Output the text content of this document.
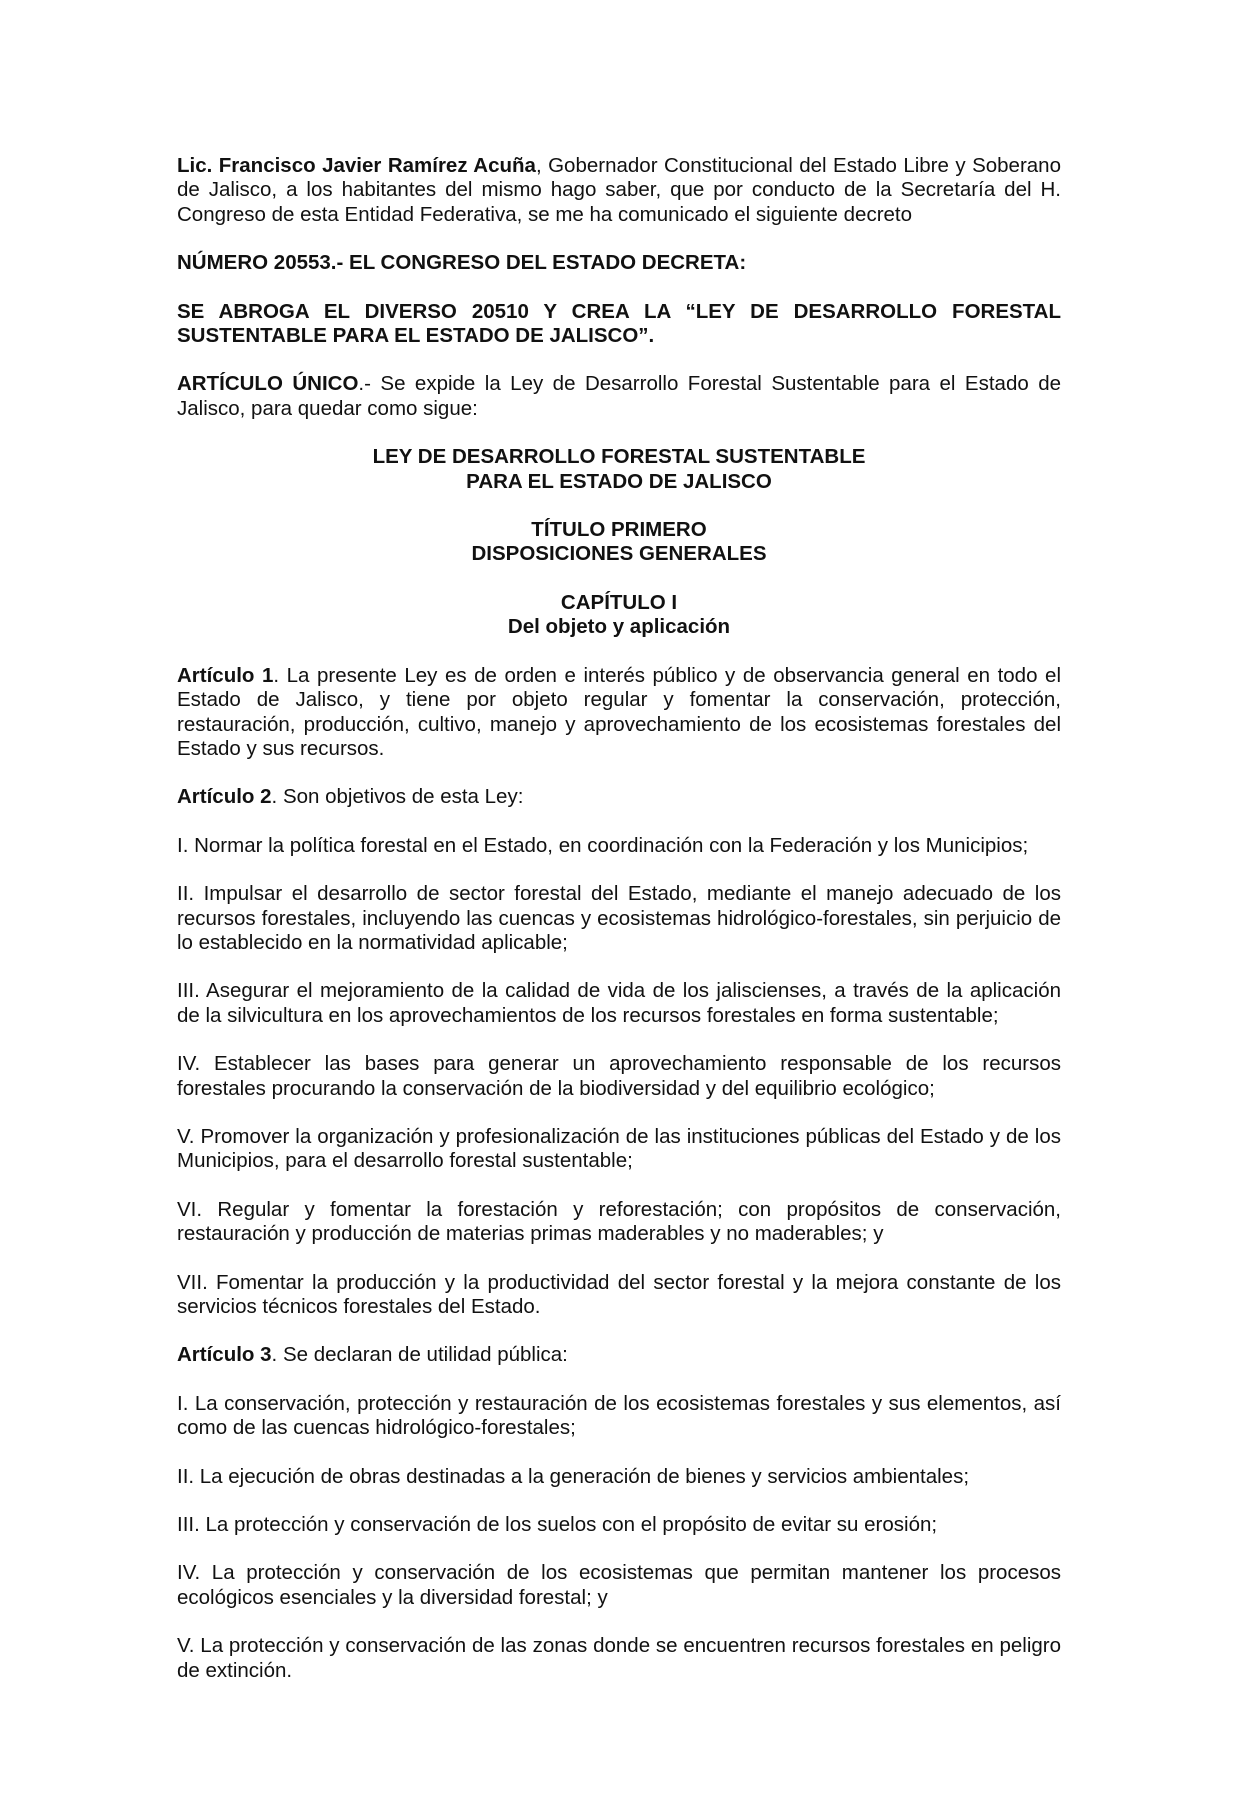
Lic. Francisco Javier Ramírez Acuña, Gobernador Constitucional del Estado Libre y Soberano de Jalisco, a los habitantes del mismo hago saber, que por conducto de la Secretaría del H. Congreso de esta Entidad Federativa, se me ha comunicado el siguiente decreto

NÚMERO 20553.- EL CONGRESO DEL ESTADO DECRETA:

SE ABROGA EL DIVERSO 20510 Y CREA LA “LEY DE DESARROLLO FORESTAL SUSTENTABLE PARA EL ESTADO DE JALISCO”.

ARTÍCULO ÚNICO.- Se expide la Ley de Desarrollo Forestal Sustentable para el Estado de Jalisco, para quedar como sigue:

LEY DE DESARROLLO FORESTAL SUSTENTABLE
PARA EL ESTADO DE JALISCO
TÍTULO PRIMERO
DISPOSICIONES GENERALES
CAPÍTULO I
Del objeto y aplicación

Artículo 1. La presente Ley es de orden e interés público y de observancia general en todo el Estado de Jalisco, y tiene por objeto regular y fomentar la conservación, protección, restauración, producción, cultivo, manejo y aprovechamiento de los ecosistemas forestales del Estado y sus recursos.

Artículo 2. Son objetivos de esta Ley:

I. Normar la política forestal en el Estado, en coordinación con la Federación y los Municipios;

II. Impulsar el desarrollo de sector forestal del Estado, mediante el manejo adecuado de los recursos forestales, incluyendo las cuencas y ecosistemas hidrológico-forestales, sin perjuicio de lo establecido en la normatividad aplicable;

III. Asegurar el mejoramiento de la calidad de vida de los jaliscienses, a través de la aplicación de la silvicultura en los aprovechamientos de los recursos forestales en forma sustentable;

IV. Establecer las bases para generar un aprovechamiento responsable de los recursos forestales procurando la conservación de la biodiversidad y del equilibrio ecológico;

V. Promover la organización y profesionalización de las instituciones públicas del Estado y de los Municipios, para el desarrollo forestal sustentable;

VI. Regular y fomentar la forestación y reforestación; con propósitos de conservación, restauración y producción de materias primas maderables y no maderables; y

VII. Fomentar la producción y la productividad del sector forestal y la mejora constante de los servicios técnicos forestales del Estado.

Artículo 3. Se declaran de utilidad pública:

I. La conservación, protección y restauración de los ecosistemas forestales y sus elementos, así como de las cuencas hidrológico-forestales;

II. La ejecución de obras destinadas a la generación de bienes y servicios ambientales;

III. La protección y conservación de los suelos con el propósito de evitar su erosión;

IV. La protección y conservación de los ecosistemas que permitan mantener los procesos ecológicos esenciales y la diversidad forestal; y

V. La protección y conservación de las zonas donde se encuentren recursos forestales en peligro de extinción.
